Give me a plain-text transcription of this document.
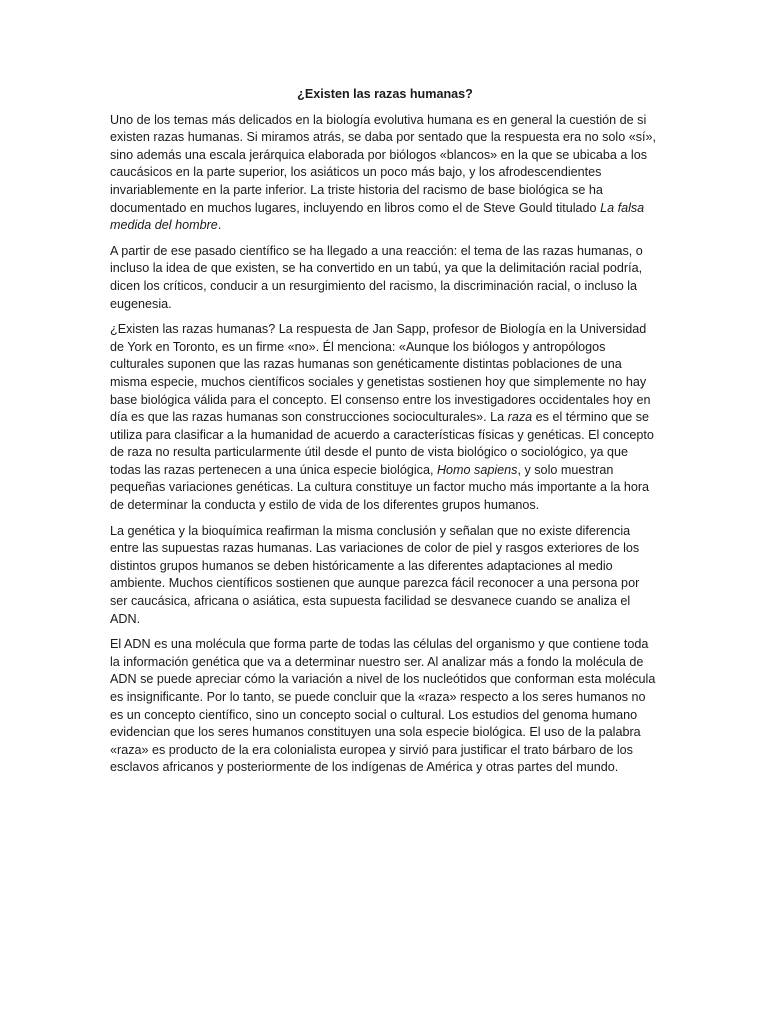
¿Existen las razas humanas?

Uno de los temas más delicados en la biología evolutiva humana es en general la cuestión de si existen razas humanas. Si miramos atrás, se daba por sentado que la respuesta era no solo «sí», sino además una escala jerárquica elaborada por biólogos «blancos» en la que se ubicaba a los caucásicos en la parte superior, los asiáticos un poco más bajo, y los afrodescendientes invariablemente en la parte inferior. La triste historia del racismo de base biológica se ha documentado en muchos lugares, incluyendo en libros como el de Steve Gould titulado La falsa medida del hombre.

A partir de ese pasado científico se ha llegado a una reacción: el tema de las razas humanas, o incluso la idea de que existen, se ha convertido en un tabú, ya que la delimitación racial podría, dicen los críticos, conducir a un resurgimiento del racismo, la discriminación racial, o incluso la eugenesia.

¿Existen las razas humanas? La respuesta de Jan Sapp, profesor de Biología en la Universidad de York en Toronto, es un firme «no». Él menciona: «Aunque los biólogos y antropólogos culturales suponen que las razas humanas son genéticamente distintas poblaciones de una misma especie, muchos científicos sociales y genetistas sostienen hoy que simplemente no hay base biológica válida para el concepto. El consenso entre los investigadores occidentales hoy en día es que las razas humanas son construcciones socioculturales». La raza es el término que se utiliza para clasificar a la humanidad de acuerdo a características físicas y genéticas. El concepto de raza no resulta particularmente útil desde el punto de vista biológico o sociológico, ya que todas las razas pertenecen a una única especie biológica, Homo sapiens, y solo muestran pequeñas variaciones genéticas. La cultura constituye un factor mucho más importante a la hora de determinar la conducta y estilo de vida de los diferentes grupos humanos.

La genética y la bioquímica reafirman la misma conclusión y señalan que no existe diferencia entre las supuestas razas humanas. Las variaciones de color de piel y rasgos exteriores de los distintos grupos humanos se deben históricamente a las diferentes adaptaciones al medio ambiente. Muchos científicos sostienen que aunque parezca fácil reconocer a una persona por ser caucásica, africana o asiática, esta supuesta facilidad se desvanece cuando se analiza el ADN.

El ADN es una molécula que forma parte de todas las células del organismo y que contiene toda la información genética que va a determinar nuestro ser. Al analizar más a fondo la molécula de ADN se puede apreciar cómo la variación a nivel de los nucleótidos que conforman esta molécula es insignificante. Por lo tanto, se puede concluir que la «raza» respecto a los seres humanos no es un concepto científico, sino un concepto social o cultural. Los estudios del genoma humano evidencian que los seres humanos constituyen una sola especie biológica. El uso de la palabra «raza» es producto de la era colonialista europea y sirvió para justificar el trato bárbaro de los esclavos africanos y posteriormente de los indígenas de América y otras partes del mundo.
